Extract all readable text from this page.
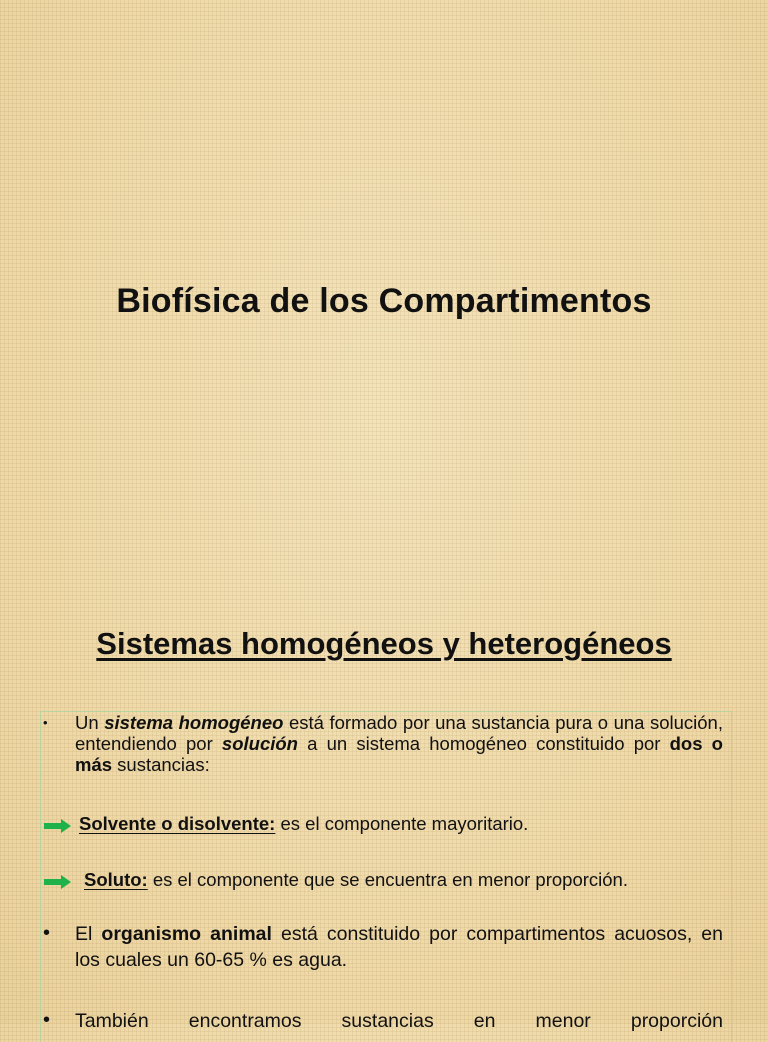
Biofísica de los Compartimentos
Sistemas homogéneos y heterogéneos
• Un sistema homogéneo está formado por una sustancia pura o una solución, entendiendo por solución a un sistema homogéneo constituido por dos o más sustancias:
Solvente o disolvente: es el componente mayoritario.
Soluto: es el componente que se encuentra en menor proporción.
• El organismo animal está constituido por compartimentos acuosos, en los cuales un 60-65 % es agua.
• También encontramos sustancias en menor proporción
